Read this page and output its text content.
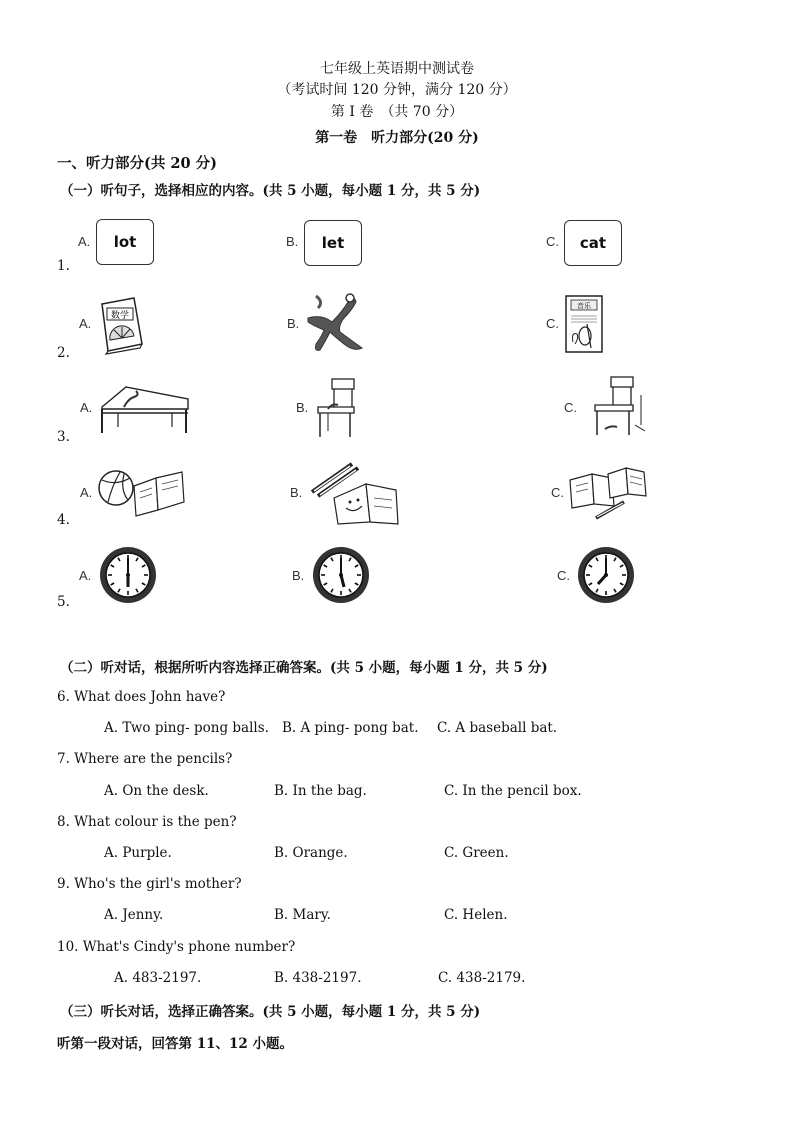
七年级上英语期中测试卷
（考试时间 120 分钟，满分 120 分）
第 I 卷　（共 70 分）
第一卷　听力部分(20 分)
一、听力部分(共 20 分)
（一）听句子，选择相应的内容。(共 5 小题，每小题 1 分，共 5 分)
1.
A.	lot	B.	let	C.	cat
2.
A. 数学	B.	C.
音乐
3.
A.	B.	C.
4.
A.	B.	C.
5.
A.	B.	C.
（二）听对话，根据所听内容选择正确答案。(共 5 小题，每小题 1 分，共 5 分)
6. What does John have?
A. Two ping- pong balls. B. A ping- pong bat. C. A baseball bat.
7. Where are the pencils?
A. On the desk.	B. In the bag.	C. In the pencil box.
8. What colour is the pen?
A. Purple.	B. Orange.	C. Green.
9. Who's the girl's mother?
A. Jenny.	B. Mary.	C. Helen.
10. What's Cindy's phone number?
A. 483-2197.	B. 438-2197.	C. 438-2179.
（三）听长对话，选择正确答案。(共 5 小题，每小题 1 分，共 5 分)
听第一段对话，回答第 11、12 小题。
